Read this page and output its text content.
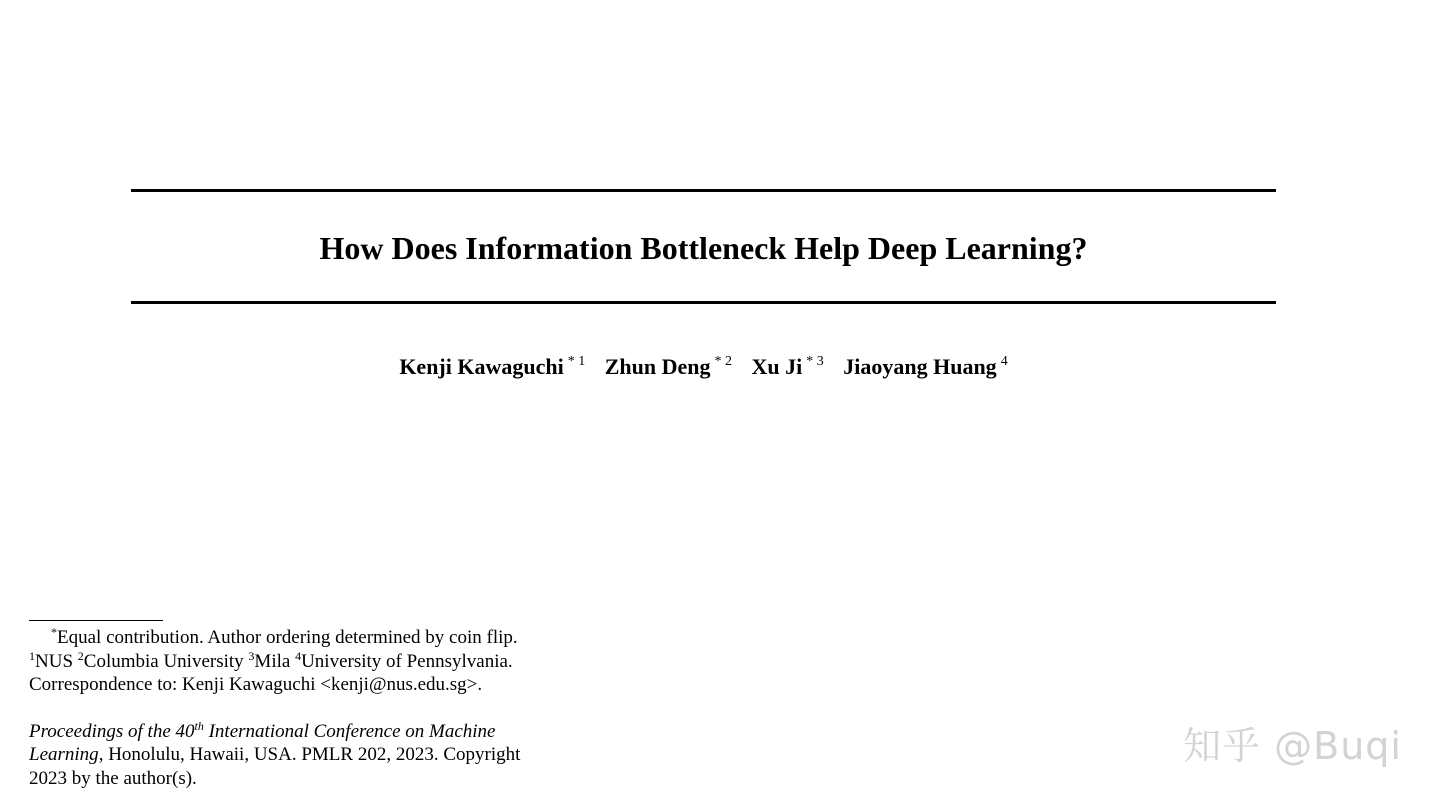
How Does Information Bottleneck Help Deep Learning?
Kenji Kawaguchi $^{* 1}$ Zhun Deng $^{* 2}$ Xu Ji $^{* 3}$ Jiaoyang Huang $^4$

*Equal contribution. Author ordering determined by coin flip.

$^1$NUS $^2$Columbia University $^3$Mila $^4$University of Pennsylvania.

Correspondence to: Kenji Kawaguchi <kenji@nus.edu.sg>.

Proceedings of the 40th International Conference on Machine

Learning, Honolulu, Hawaii, USA. PMLR 202, 2023. Copyright

2023 by the author(s).

知乎 @Buqi
